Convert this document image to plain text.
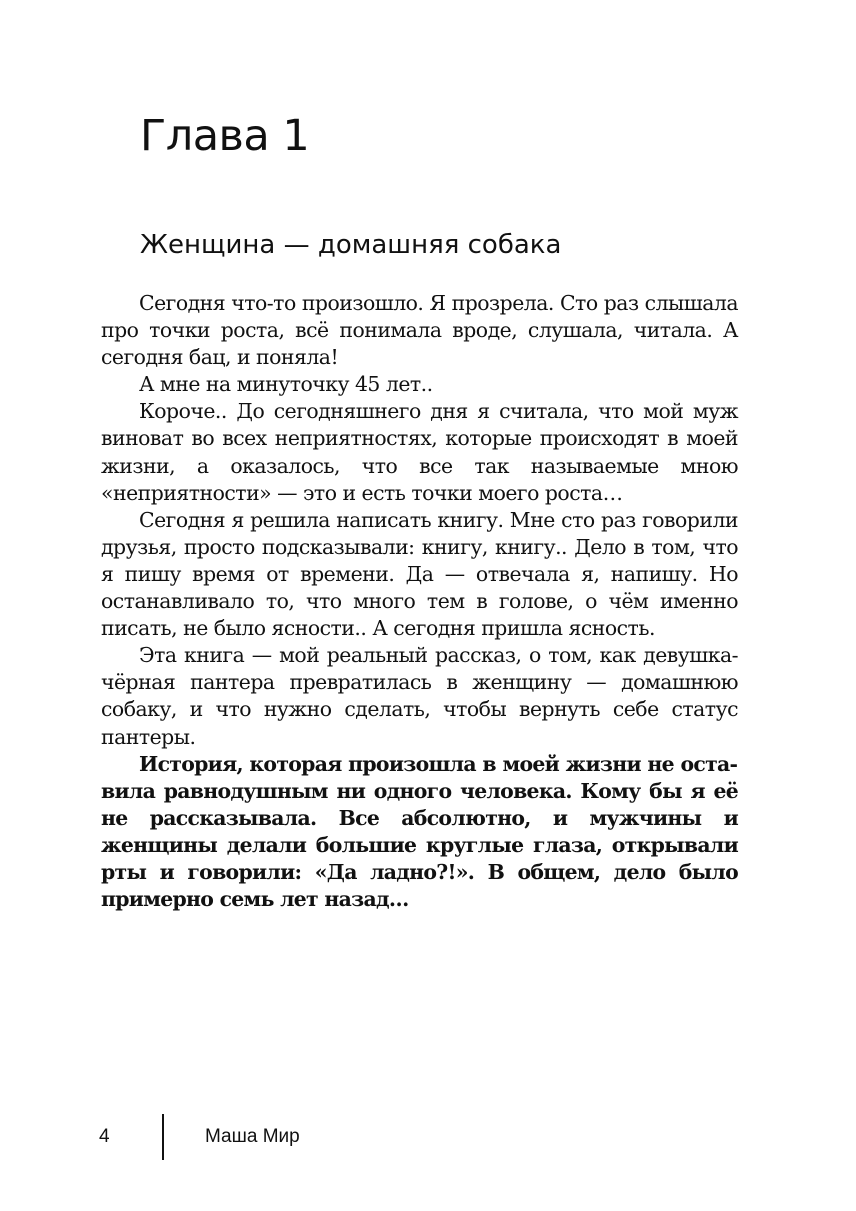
Глава 1
Женщина — домашняя собака

Сегодня что-то произошло. Я прозрела. Сто раз слышала про точки роста, всё понимала вроде, слушала, читала. А сегодня бац, и поняла!

А мне на минуточку 45 лет..

Короче.. До сегодняшнего дня я считала, что мой муж виноват во всех неприятностях, которые происходят в моей жизни, а оказалось, что все так называемые мною «неприятности» — это и есть точки моего роста…

Сегодня я решила написать книгу. Мне сто раз говорили друзья, просто подсказывали: книгу, книгу.. Дело в том, что я пишу время от времени. Да — отвечала я, напишу. Но останавливало то, что много тем в голове, о чём именно писать, не было ясности.. А сегодня пришла ясность.

Эта книга — мой реальный рассказ, о том, как девушка-чёрная пантера превратилась в женщину — домашнюю собаку, и что нужно сделать, чтобы вернуть себе статус пантеры.

История, которая произошла в моей жизни не оставила равнодушным ни одного человека. Кому бы я её не рассказывала. Все абсолютно, и мужчины и женщины делали большие круглые глаза, открывали рты и говорили: «Да ладно?!». В общем, дело было примерно семь лет назад…

4	Маша Мир
